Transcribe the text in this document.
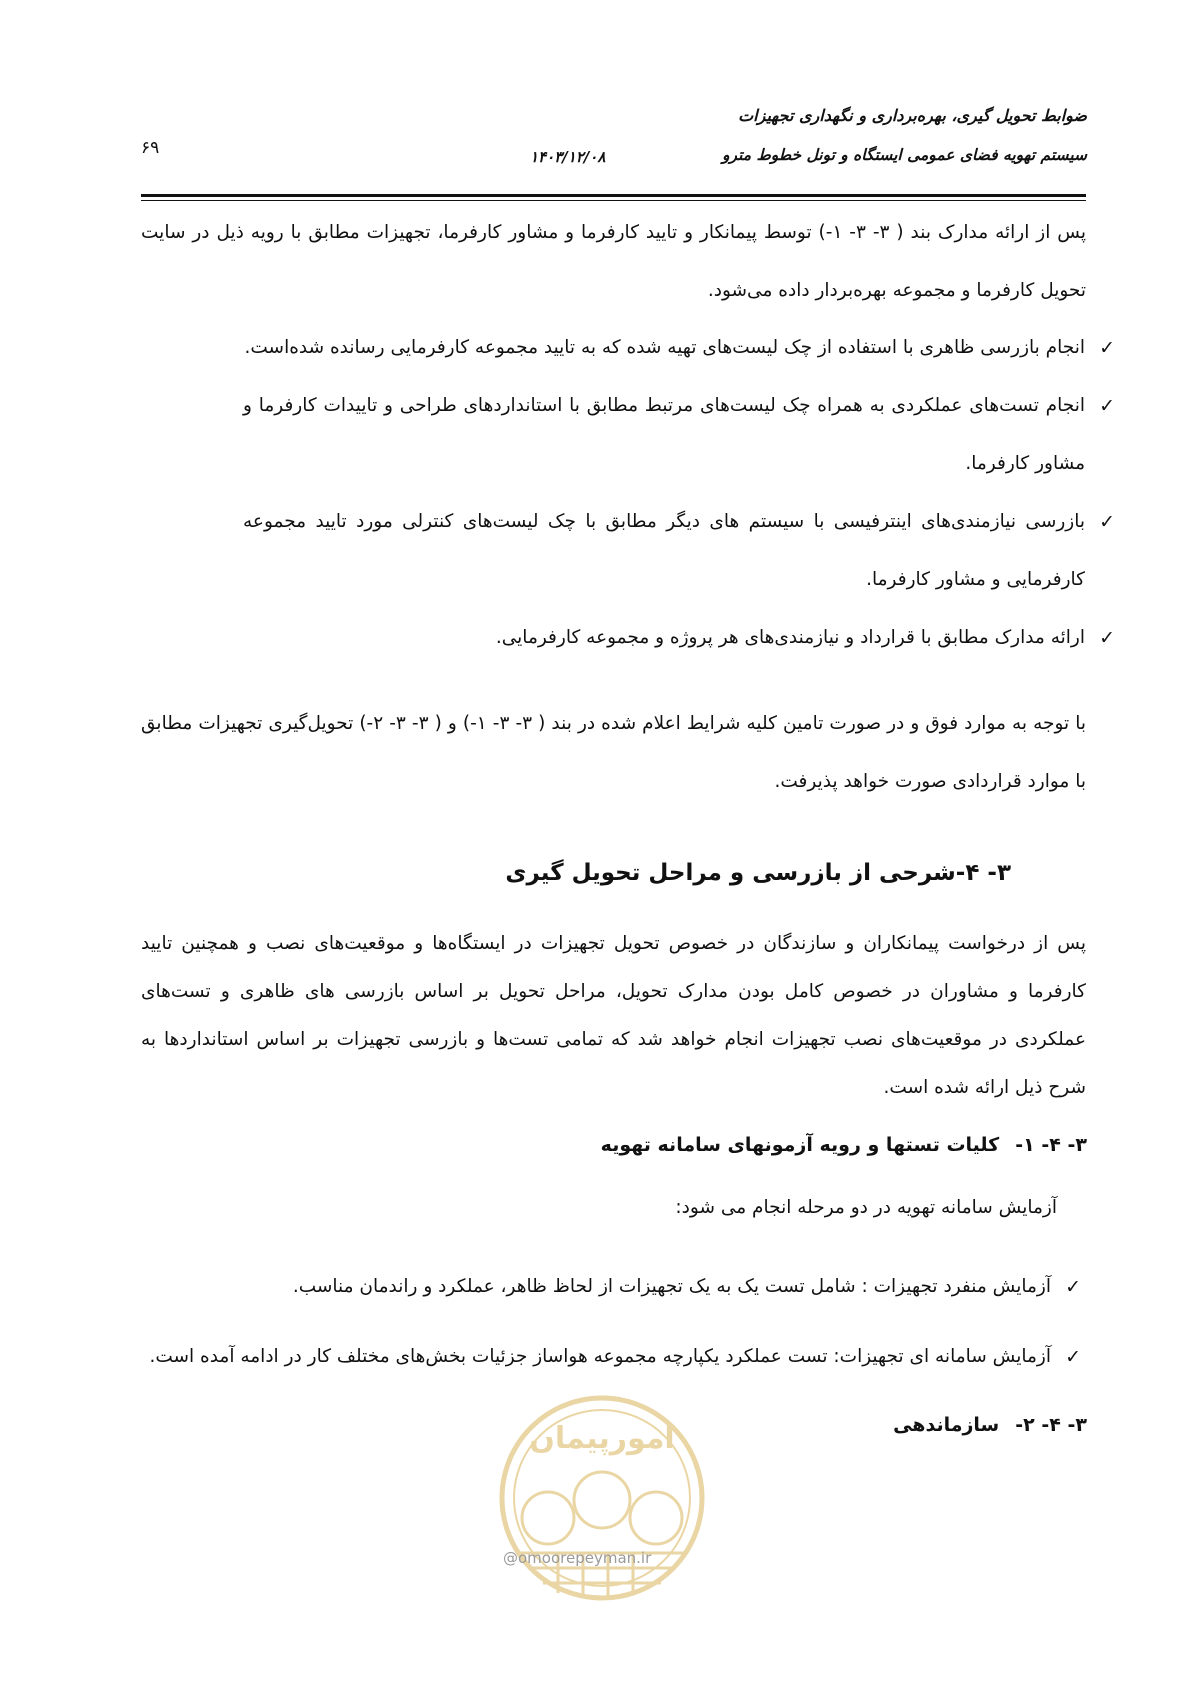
ضوابط تحویل گیری، بهره‌برداری و نگهداری تجهیزات
سیستم تهویه فضای عمومی ایستگاه و تونل خطوط مترو
۱۴۰۳/۱۲/۰۸
۶۹
پس از ارائه مدارک بند ( ۳- ۳- ۱-) توسط پیمانکار و تایید کارفرما و مشاور کارفرما، تجهیزات مطابق با رویه ذیل در سایت تحویل کارفرما و مجموعه بهره‌بردار داده می‌شود.
✓
انجام بازرسی ظاهری با استفاده از چک لیست‌های تهیه شده که به تایید مجموعه کارفرمایی رسانده شده‌است.
✓
انجام تست‌های عملکردی به همراه چک لیست‌های مرتبط مطابق با استانداردهای طراحی و تاییدات کارفرما و مشاور کارفرما.
✓
بازرسی نیازمندی‌های اینترفیسی با سیستم های دیگر مطابق با چک لیست‌های کنترلی مورد تایید مجموعه کارفرمایی و مشاور کارفرما.
✓
ارائه مدارک مطابق با قرارداد و نیازمندی‌های هر پروژه و مجموعه کارفرمایی.
با توجه به موارد فوق و در صورت تامین کلیه شرایط اعلام شده در بند ( ۳- ۳- ۱-) و ( ۳- ۳- ۲-) تحویل‌گیری تجهیزات مطابق با موارد قراردادی صورت خواهد پذیرفت.
۳- ۴-شرحی از بازرسی و مراحل تحویل گیری
پس از درخواست پیمانکاران و سازندگان در خصوص تحویل تجهیزات در ایستگاه‌ها و موقعیت‌های نصب و همچنین تایید کارفرما و مشاوران در خصوص کامل بودن مدارک تحویل، مراحل تحویل بر اساس بازرسی های ظاهری و تست‌های عملکردی در موقعیت‌های نصب تجهیزات انجام خواهد شد که تمامی تست‌ها و بازرسی تجهیزات بر اساس استانداردها به شرح ذیل ارائه شده است.
۳- ۴- ۱-کلیات تستها و رویه آزمونهای سامانه تهویه
آزمایش سامانه تهویه در دو مرحله انجام می شود:
✓
آزمایش منفرد تجهیزات : شامل تست یک به یک تجهیزات از لحاظ ظاهر، عملکرد و راندمان مناسب.
✓
آزمایش سامانه ای تجهیزات: تست عملکرد یکپارچه مجموعه هواساز جزئیات بخش‌های مختلف کار در ادامه آمده است.
امورپیمان
@omoorepeyman.ir
۳- ۴- ۲-سازماندهی
